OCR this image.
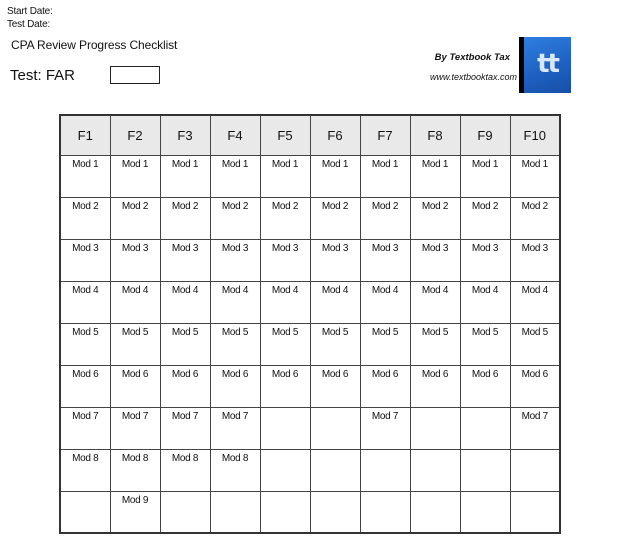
Start Date:
Test Date:
CPA Review Progress Checklist
Test: FAR
By Textbook Tax
www.textbooktax.com tt
F1	F2	F3	F4	F5	F6	F7	F8	F9	F10
Mod 1	Mod 1	Mod 1	Mod 1	Mod 1	Mod 1	Mod 1	Mod 1	Mod 1	Mod 1
Mod 2	Mod 2	Mod 2	Mod 2	Mod 2	Mod 2	Mod 2	Mod 2	Mod 2	Mod 2
Mod 3	Mod 3	Mod 3	Mod 3	Mod 3	Mod 3	Mod 3	Mod 3	Mod 3	Mod 3
Mod 4	Mod 4	Mod 4	Mod 4	Mod 4	Mod 4	Mod 4	Mod 4	Mod 4	Mod 4
Mod 5	Mod 5	Mod 5	Mod 5	Mod 5	Mod 5	Mod 5	Mod 5	Mod 5	Mod 5
Mod 6	Mod 6	Mod 6	Mod 6	Mod 6	Mod 6	Mod 6	Mod 6	Mod 6	Mod 6
Mod 7	Mod 7	Mod 7	Mod 7			Mod 7			Mod 7
Mod 8	Mod 8	Mod 8	Mod 8						
	Mod 9								
